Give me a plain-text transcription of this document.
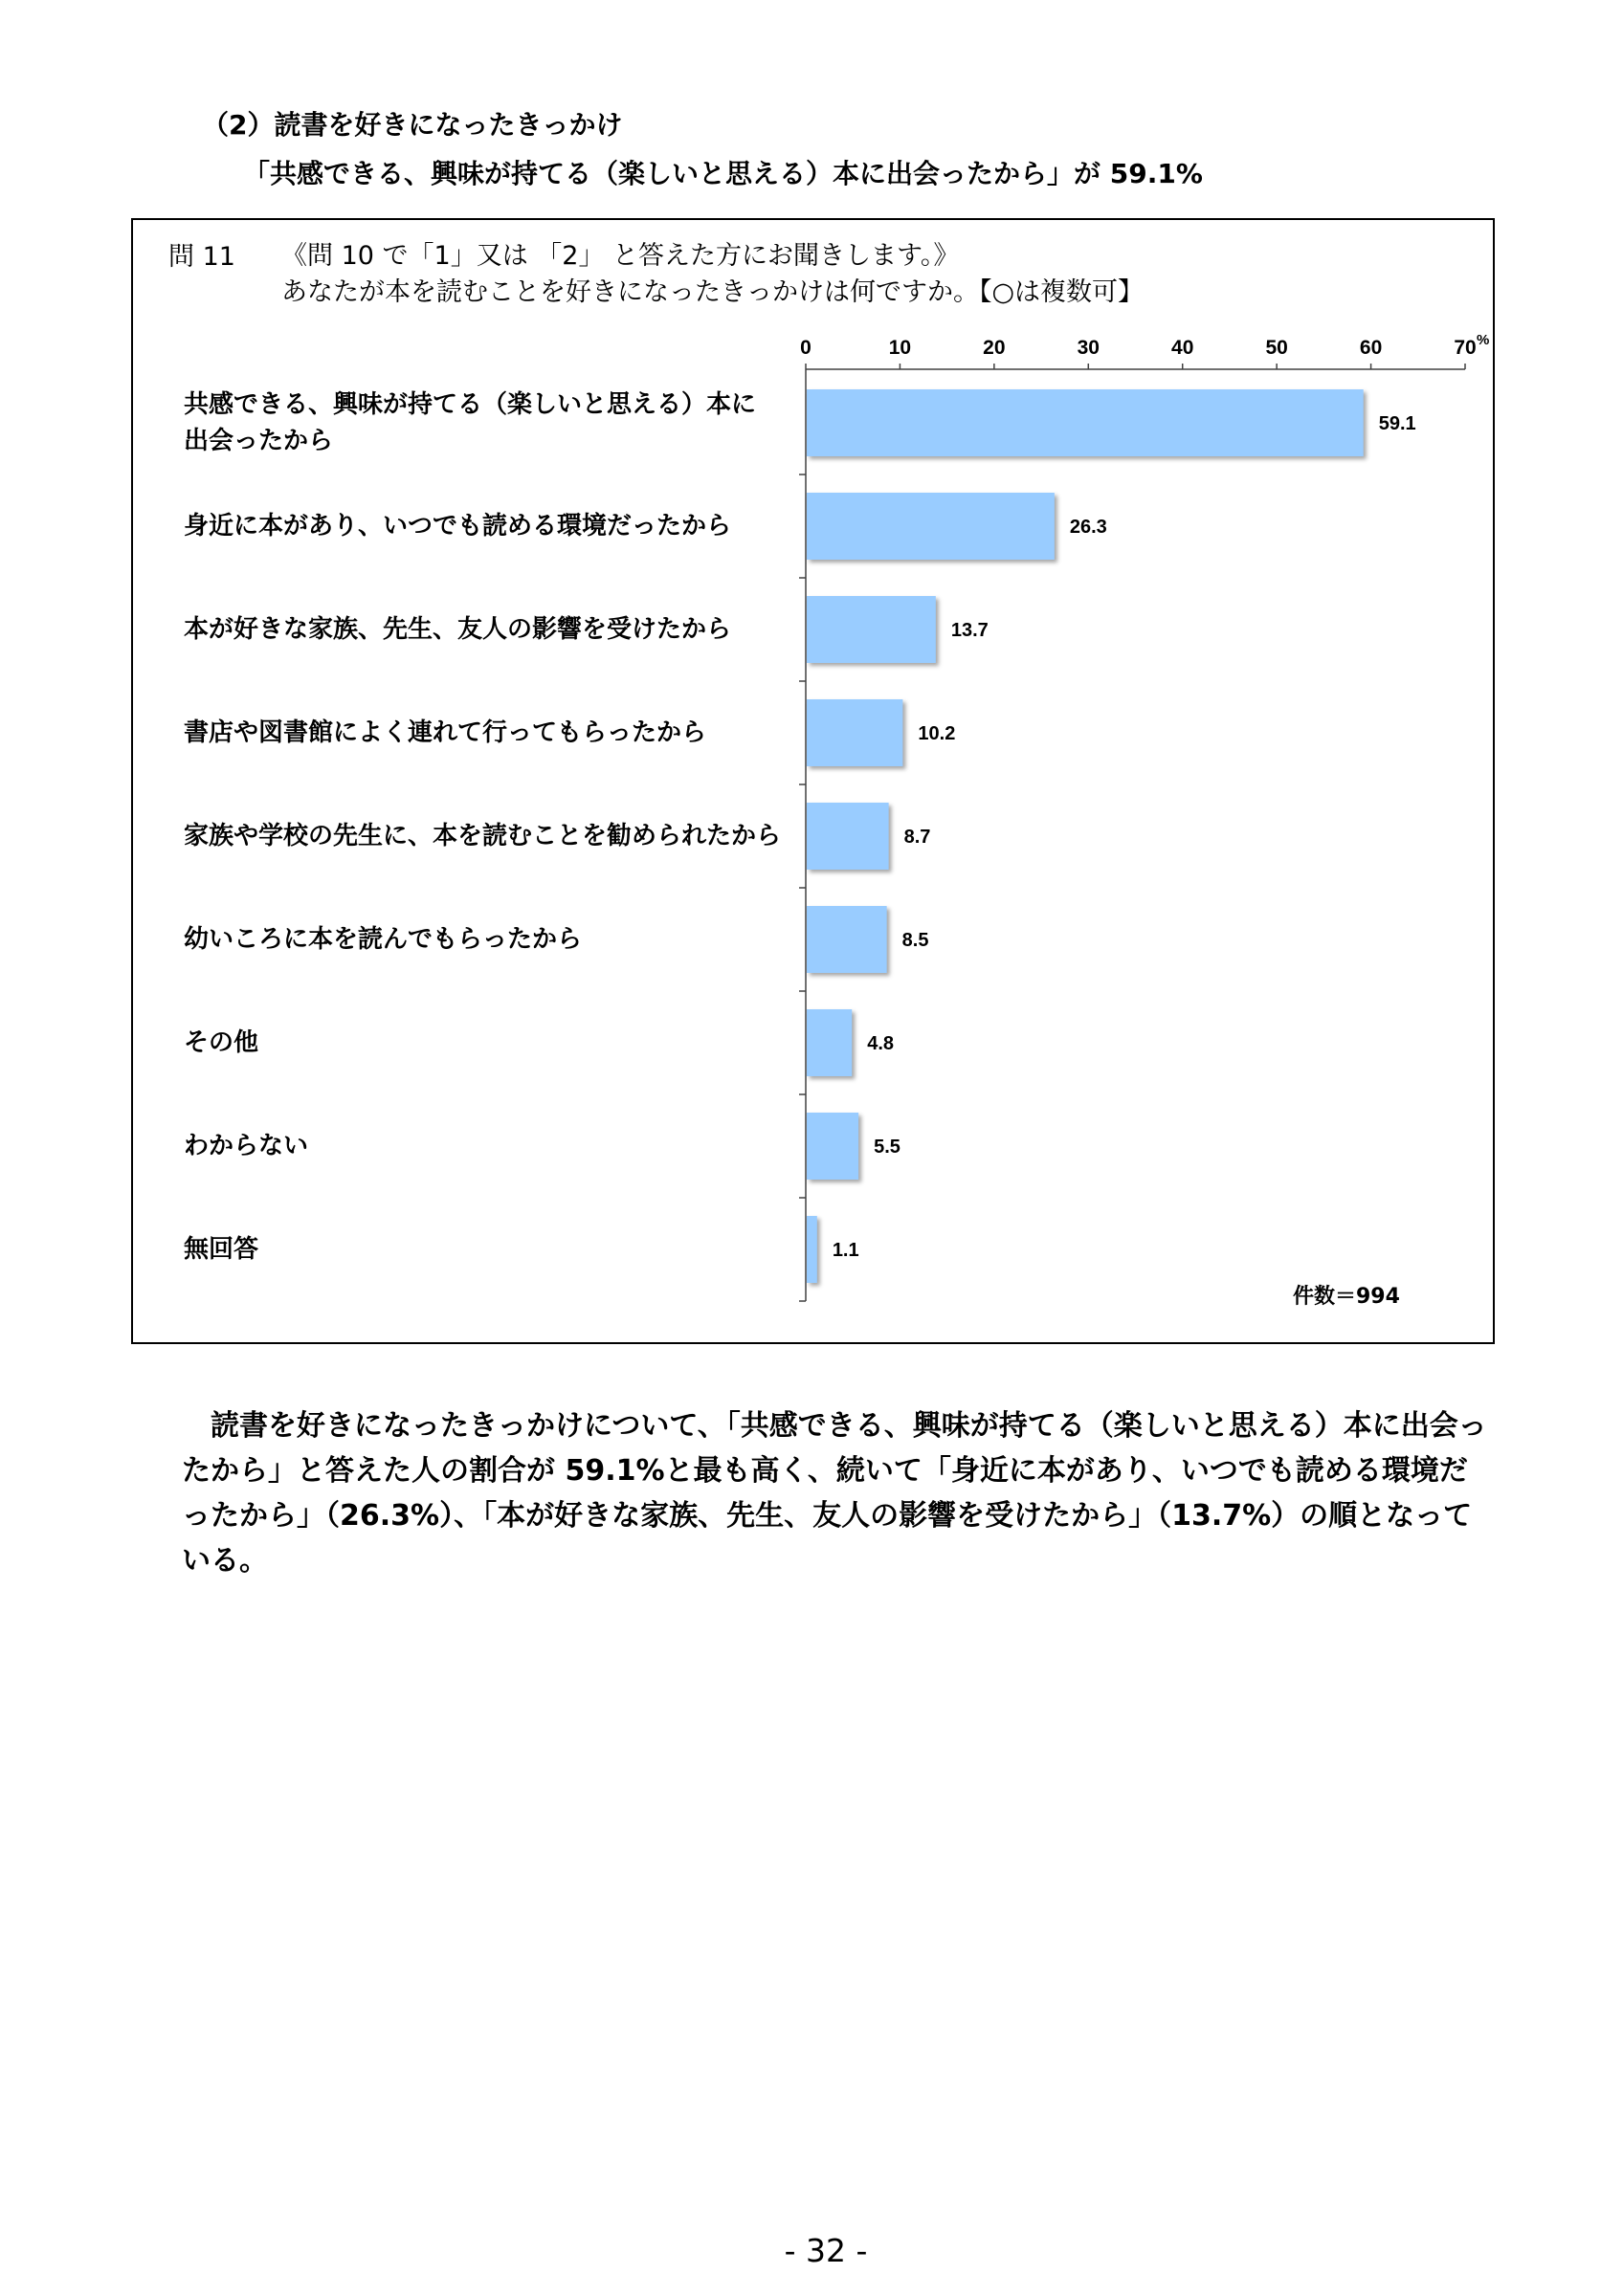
（2）読書を好きになったきっかけ
「共感できる、興味が持てる（楽しいと思える）本に出会ったから」が 59.1%
問 11 《問 10 で「1」又は 「2」 と答えた方にお聞きします。》
あなたが本を読むことを好きになったきっかけは何ですか。【○は複数可】
0	10	20	30	40	50	60	70 %
59.1
26.3
13.7
10.2
8.7
8.5
4.8
5.5
1.1
共感できる、興味が持てる（楽しいと思える）本に出会ったから
身近に本があり、いつでも読める環境だったから
本が好きな家族、先生、友人の影響を受けたから
書店や図書館によく連れて行ってもらったから
家族や学校の先生に、本を読むことを勧められたから
幼いころに本を読んでもらったから
その他
わからない
無回答
件数＝994
読書を好きになったきっかけについて、「共感できる、興味が持てる（楽しいと思える）本に出会ったから」と答えた人の割合が 59.1%と最も高く、続いて「身近に本があり、いつでも読める環境だったから」（26.3%）、「本が好きな家族、先生、友人の影響を受けたから」（13.7%）の順となっている。
- 32 -
